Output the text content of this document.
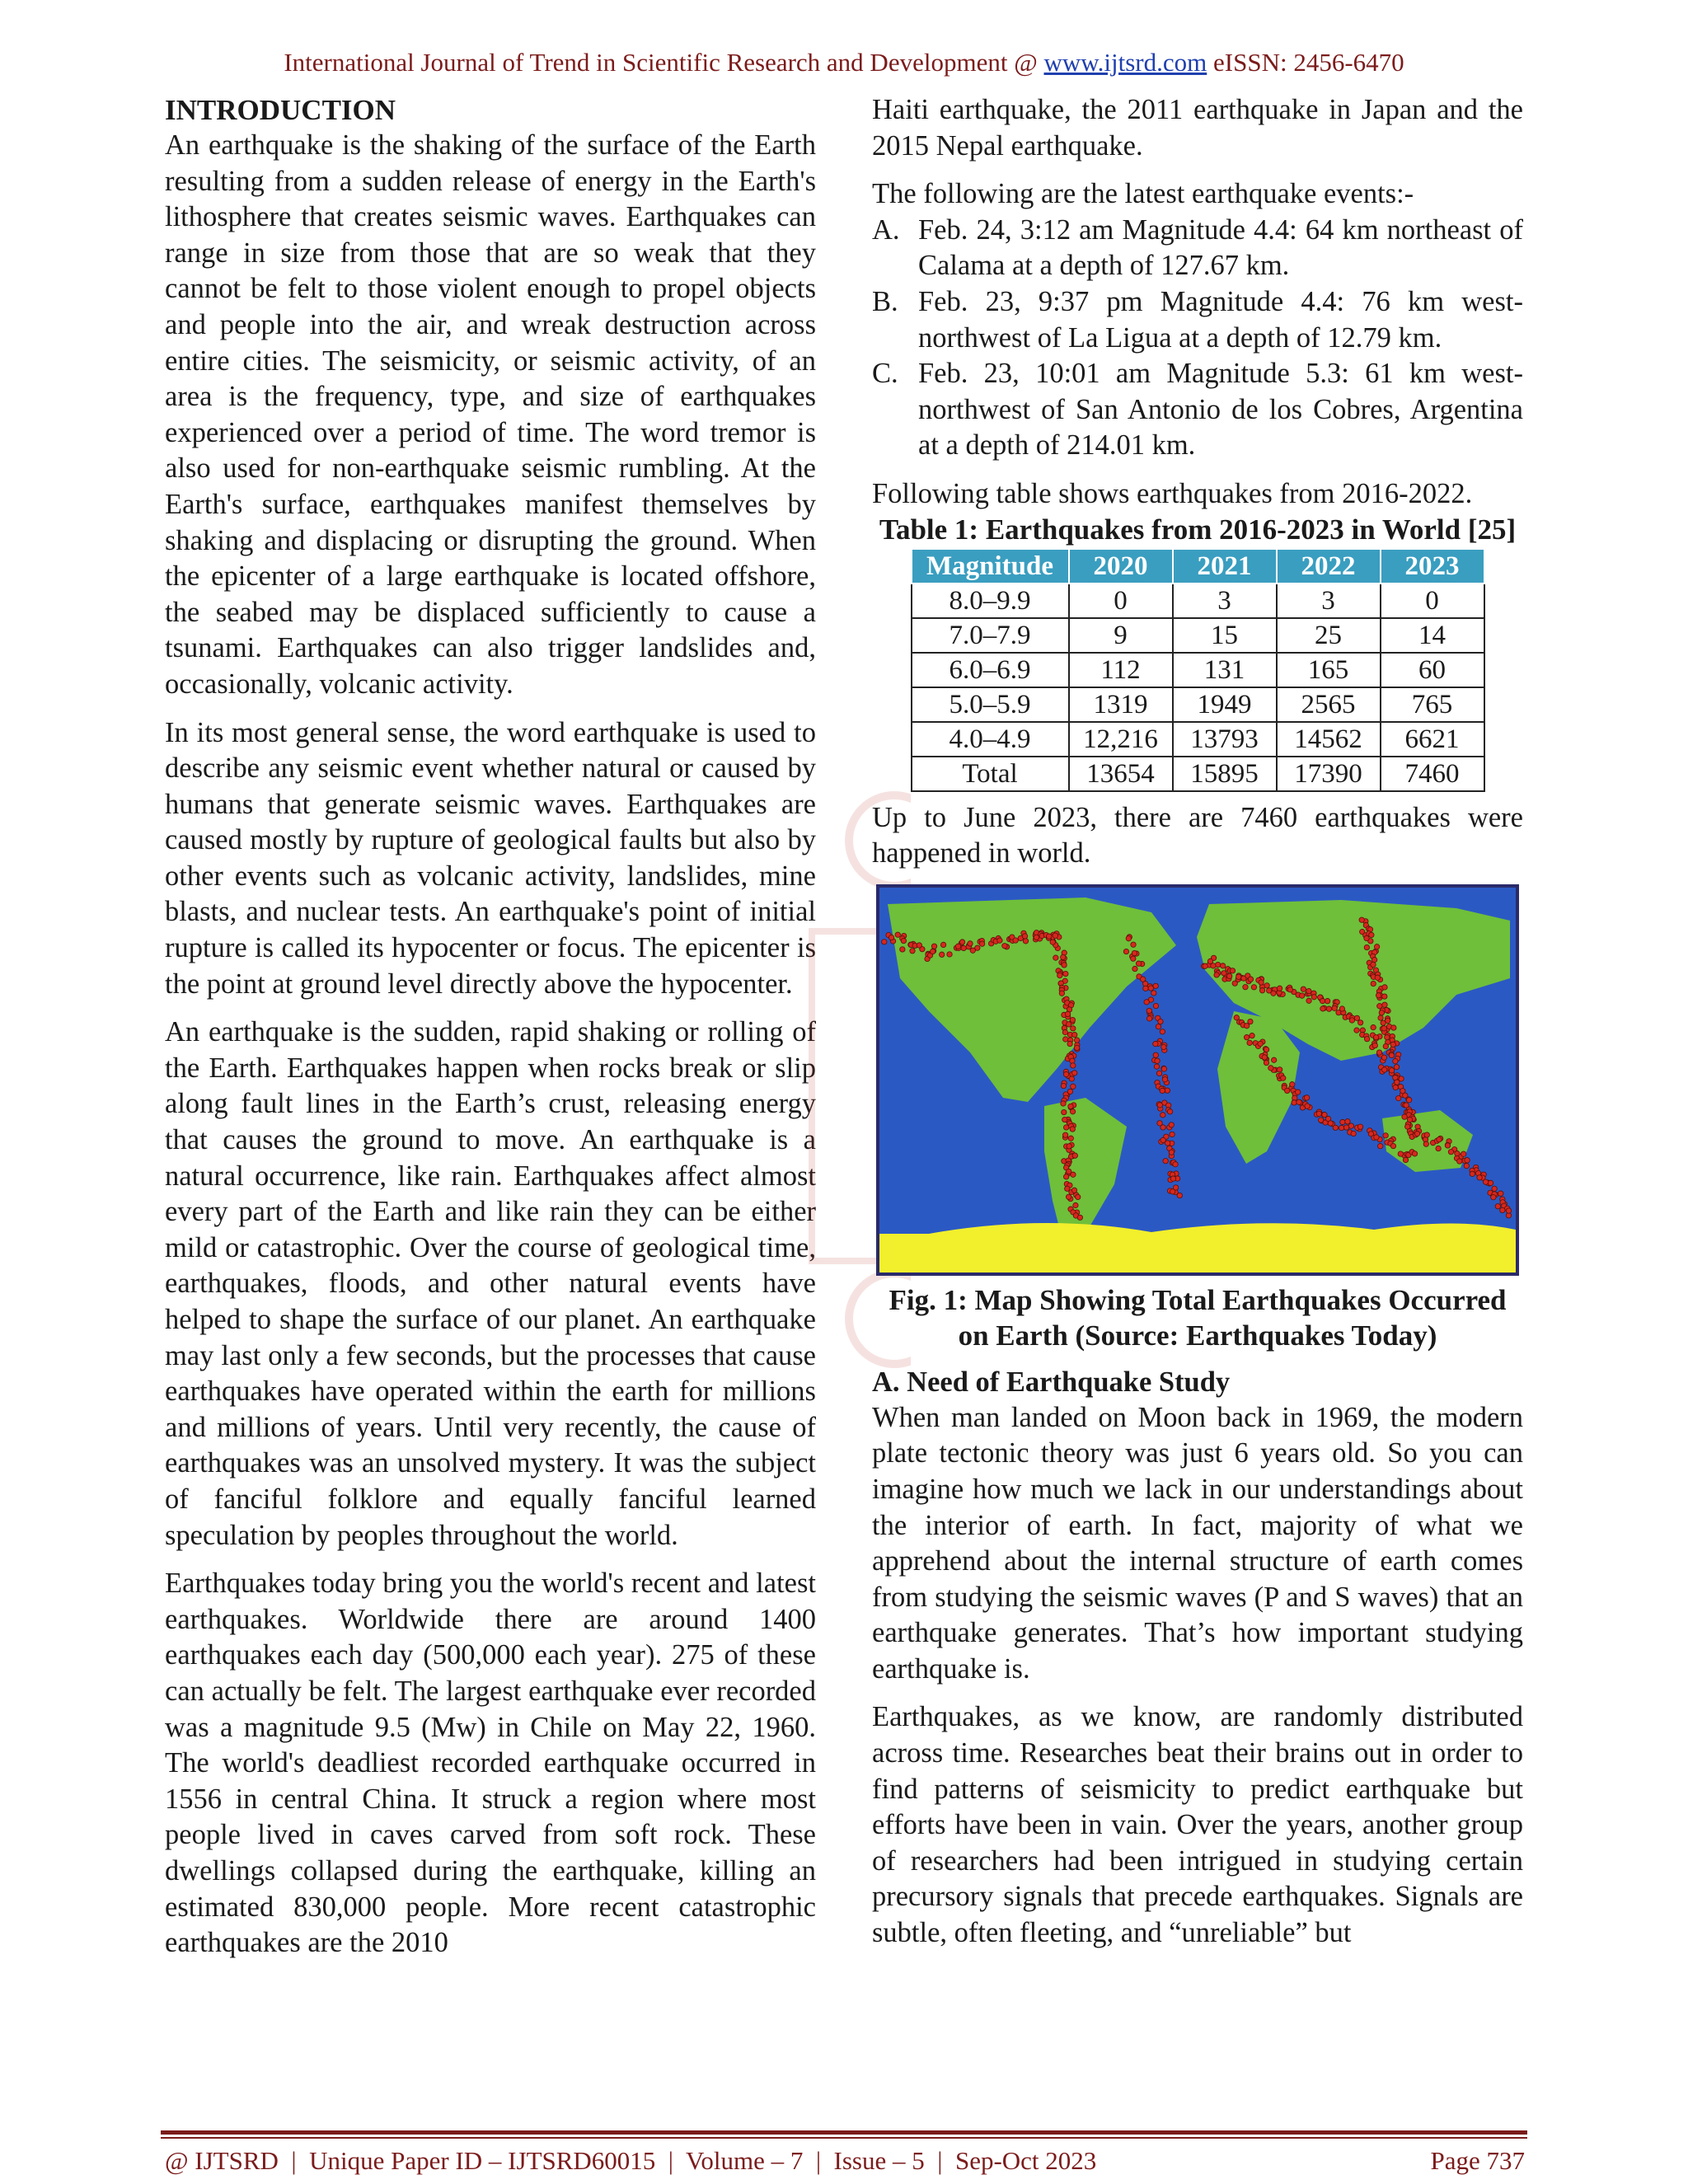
International Journal of Trend in Scientific Research and Development @ www.ijtsrd.com eISSN: 2456-6470
INTRODUCTION

An earthquake is the shaking of the surface of the Earth resulting from a sudden release of energy in the Earth's lithosphere that creates seismic waves. Earthquakes can range in size from those that are so weak that they cannot be felt to those violent enough to propel objects and people into the air, and wreak destruction across entire cities. The seismicity, or seismic activity, of an area is the frequency, type, and size of earthquakes experienced over a period of time. The word tremor is also used for non-earthquake seismic rumbling. At the Earth's surface, earthquakes manifest themselves by shaking and displacing or disrupting the ground. When the epicenter of a large earthquake is located offshore, the seabed may be displaced sufficiently to cause a tsunami. Earthquakes can also trigger landslides and, occasionally, volcanic activity.

In its most general sense, the word earthquake is used to describe any seismic event whether natural or caused by humans that generate seismic waves. Earthquakes are caused mostly by rupture of geological faults but also by other events such as volcanic activity, landslides, mine blasts, and nuclear tests. An earthquake's point of initial rupture is called its hypocenter or focus. The epicenter is the point at ground level directly above the hypocenter.

An earthquake is the sudden, rapid shaking or rolling of the Earth. Earthquakes happen when rocks break or slip along fault lines in the Earth’s crust, releasing energy that causes the ground to move. An earthquake is a natural occurrence, like rain. Earthquakes affect almost every part of the Earth and like rain they can be either mild or catastrophic. Over the course of geological time, earthquakes, floods, and other natural events have helped to shape the surface of our planet. An earthquake may last only a few seconds, but the processes that cause earthquakes have operated within the earth for millions and millions of years. Until very recently, the cause of earthquakes was an unsolved mystery. It was the subject of fanciful folklore and equally fanciful learned speculation by peoples throughout the world.

Earthquakes today bring you the world's recent and latest earthquakes. Worldwide there are around 1400 earthquakes each day (500,000 each year). 275 of these can actually be felt. The largest earthquake ever recorded was a magnitude 9.5 (Mw) in Chile on May 22, 1960. The world's deadliest recorded earthquake occurred in 1556 in central China. It struck a region where most people lived in caves carved from soft rock. These dwellings collapsed during the earthquake, killing an estimated 830,000 people. More recent catastrophic earthquakes are the 2010

Haiti earthquake, the 2011 earthquake in Japan and the 2015 Nepal earthquake.

The following are the latest earthquake events:-

A. Feb. 24, 3:12 am Magnitude 4.4: 64 km northeast of Calama at a depth of 127.67 km.
B. Feb. 23, 9:37 pm Magnitude 4.4: 76 km west-northwest of La Ligua at a depth of 12.79 km.
C. Feb. 23, 10:01 am Magnitude 5.3: 61 km west-northwest of San Antonio de los Cobres, Argentina at a depth of 214.01 km.

Following table shows earthquakes from 2016-2022.

Table 1: Earthquakes from 2016-2023 in World [25]
Magnitude	2020	2021	2022	2023
8.0–9.9	0	3	3	0
7.0–7.9	9	15	25	14
6.0–6.9	112	131	165	60
5.0–5.9	1319	1949	2565	765
4.0–4.9	12,216	13793	14562	6621
Total	13654	15895	17390	7460

Up to June 2023, there are 7460 earthquakes were happened in world.

Fig. 1: Map Showing Total Earthquakes Occurred on Earth (Source: Earthquakes Today)
A. Need of Earthquake Study

When man landed on Moon back in 1969, the modern plate tectonic theory was just 6 years old. So you can imagine how much we lack in our understandings about the interior of earth. In fact, majority of what we apprehend about the internal structure of earth comes from studying the seismic waves (P and S waves) that an earthquake generates. That’s how important studying earthquake is.

Earthquakes, as we know, are randomly distributed across time. Researches beat their brains out in order to find patterns of seismicity to predict earthquake but efforts have been in vain. Over the years, another group of researchers had been intrigued in studying certain precursory signals that precede earthquakes. Signals are subtle, often fleeting, and “unreliable” but

@ IJTSRD  |  Unique Paper ID – IJTSRD60015  |  Volume – 7  |  Issue – 5  |  Sep-Oct 2023	Page 737
